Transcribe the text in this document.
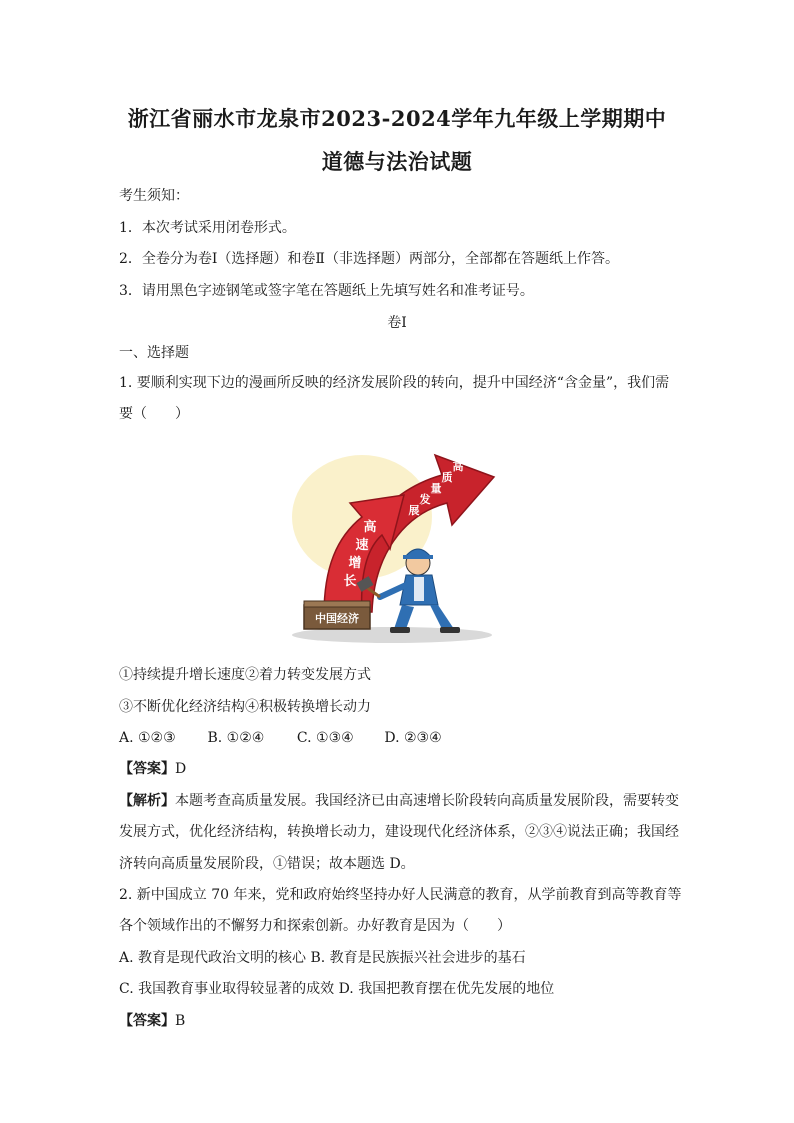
浙江省丽水市龙泉市2023-2024学年九年级上学期期中
道德与法治试题
考生须知：
1．本次考试采用闭卷形式。
2．全卷分为卷Ⅰ（选择题）和卷Ⅱ（非选择题）两部分，全部都在答题纸上作答。
3．请用黑色字迹钢笔或签字笔在答题纸上先填写姓名和准考证号。
卷Ⅰ
一、选择题
1. 要顺利实现下边的漫画所反映的经济发展阶段的转向，提升中国经济“含金量”，我们需
要（　　）
高
速
增
长
高
质
量
发
展
中国经济
①持续提升增长速度②着力转变发展方式
③不断优化经济结构④积极转换增长动力
A. ①②③ B. ①②④ C. ①③④ D. ②③④
【答案】D
【解析】本题考查高质量发展。我国经济已由高速增长阶段转向高质量发展阶段，需要转变
发展方式，优化经济结构，转换增长动力，建设现代化经济体系，②③④说法正确；我国经
济转向高质量发展阶段，①错误；故本题选 D。
2. 新中国成立 70 年来，党和政府始终坚持办好人民满意的教育，从学前教育到高等教育等
各个领域作出的不懈努力和探索创新。办好教育是因为（　　）
A. 教育是现代政治文明的核心 B. 教育是民族振兴社会进步的基石
C. 我国教育事业取得较显著的成效 D. 我国把教育摆在优先发展的地位
【答案】B
